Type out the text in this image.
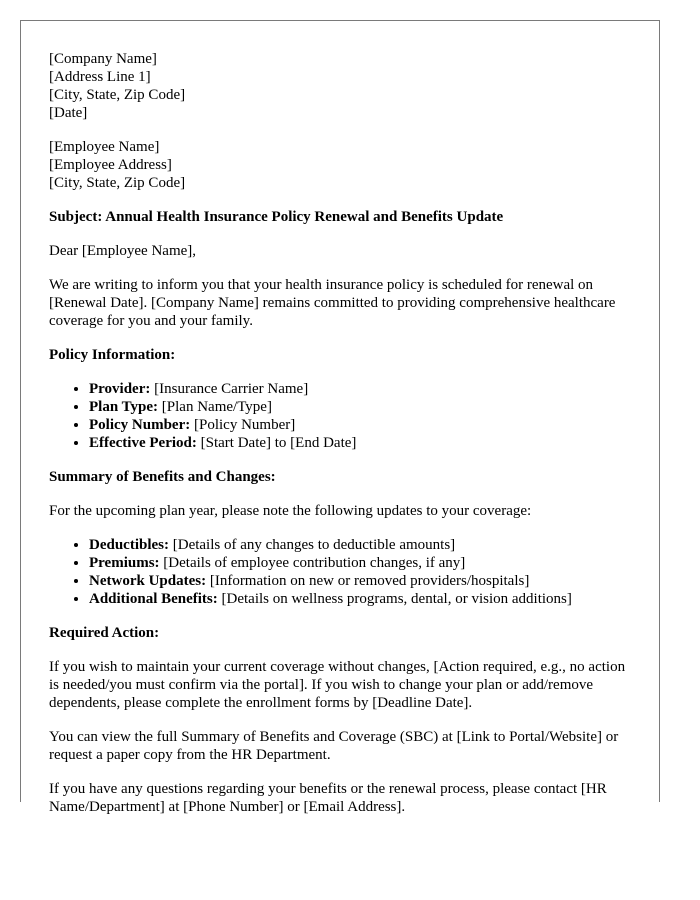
[Company Name]
[Address Line 1]
[City, State, Zip Code]
[Date]
[Employee Name]
[Employee Address]
[City, State, Zip Code]

Subject: Annual Health Insurance Policy Renewal and Benefits Update

Dear [Employee Name],

We are writing to inform you that your health insurance policy is scheduled for renewal on [Renewal Date]. [Company Name] remains committed to providing comprehensive healthcare coverage for you and your family.

Policy Information:

• Provider: [Insurance Carrier Name]
• Plan Type: [Plan Name/Type]
• Policy Number: [Policy Number]
• Effective Period: [Start Date] to [End Date]

Summary of Benefits and Changes:

For the upcoming plan year, please note the following updates to your coverage:

• Deductibles: [Details of any changes to deductible amounts]
• Premiums: [Details of employee contribution changes, if any]
• Network Updates: [Information on new or removed providers/hospitals]
• Additional Benefits: [Details on wellness programs, dental, or vision additions]

Required Action:

If you wish to maintain your current coverage without changes, [Action required, e.g., no action is needed/you must confirm via the portal]. If you wish to change your plan or add/remove dependents, please complete the enrollment forms by [Deadline Date].

You can view the full Summary of Benefits and Coverage (SBC) at [Link to Portal/Website] or request a paper copy from the HR Department.

If you have any questions regarding your benefits or the renewal process, please contact [HR Name/Department] at [Phone Number] or [Email Address].
